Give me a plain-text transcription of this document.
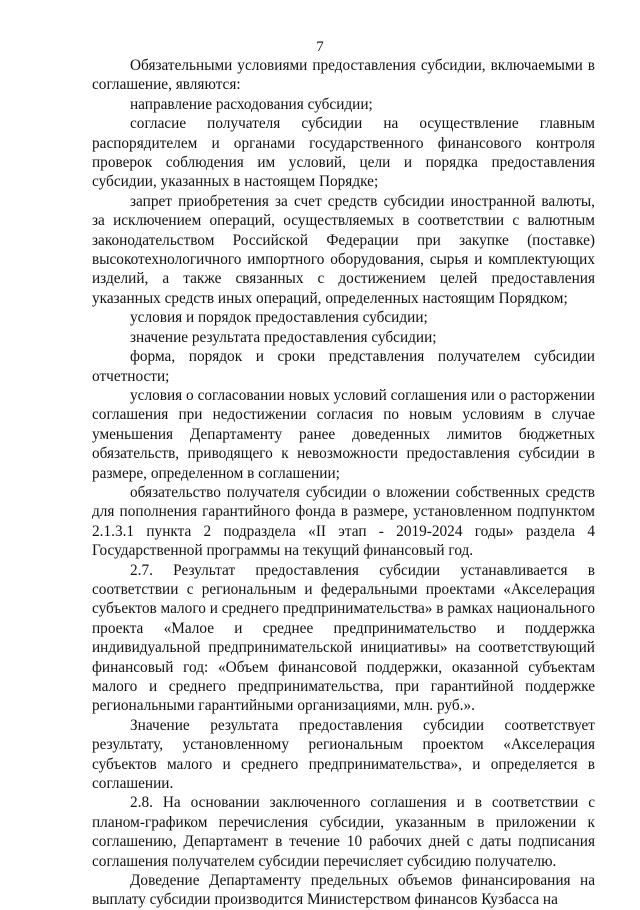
7

Обязательными условиями предоставления субсидии, включаемыми в соглашение, являются:

направление расходования субсидии;

согласие получателя субсидии на осуществление главным распорядителем и органами государственного финансового контроля проверок соблюдения им условий, цели и порядка предоставления субсидии, указанных в настоящем Порядке;

запрет приобретения за счет средств субсидии иностранной валюты, за исключением операций, осуществляемых в соответствии с валютным законодательством Российской Федерации при закупке (поставке) высокотехнологичного импортного оборудования, сырья и комплектующих изделий, а также связанных с достижением целей предоставления указанных средств иных операций, определенных настоящим Порядком;

условия и порядок предоставления субсидии;

значение результата предоставления субсидии;

форма, порядок и сроки представления получателем субсидии отчетности;

условия о согласовании новых условий соглашения или о расторжении соглашения при недостижении согласия по новым условиям в случае уменьшения Департаменту ранее доведенных лимитов бюджетных обязательств, приводящего к невозможности предоставления субсидии в размере, определенном в соглашении;

обязательство получателя субсидии о вложении собственных средств для пополнения гарантийного фонда в размере, установленном подпунктом 2.1.3.1 пункта 2 подраздела «II этап - 2019-2024 годы» раздела 4 Государственной программы на текущий финансовый год.

2.7. Результат предоставления субсидии устанавливается в соответствии с региональным и федеральными проектами «Акселерация субъектов малого и среднего предпринимательства» в рамках национального проекта «Малое и среднее предпринимательство и поддержка индивидуальной предпринимательской инициативы» на соответствующий финансовый год: «Объем финансовой поддержки, оказанной субъектам малого и среднего предпринимательства, при гарантийной поддержке региональными гарантийными организациями, млн. руб.».

Значение результата предоставления субсидии соответствует результату, установленному региональным проектом «Акселерация субъектов малого и среднего предпринимательства», и определяется в соглашении.

2.8. На основании заключенного соглашения и в соответствии с планом-графиком перечисления субсидии, указанным в приложении к соглашению, Департамент в течение 10 рабочих дней с даты подписания соглашения получателем субсидии перечисляет субсидию получателю.

Доведение Департаменту предельных объемов финансирования на выплату субсидии производится Министерством финансов Кузбасса на
